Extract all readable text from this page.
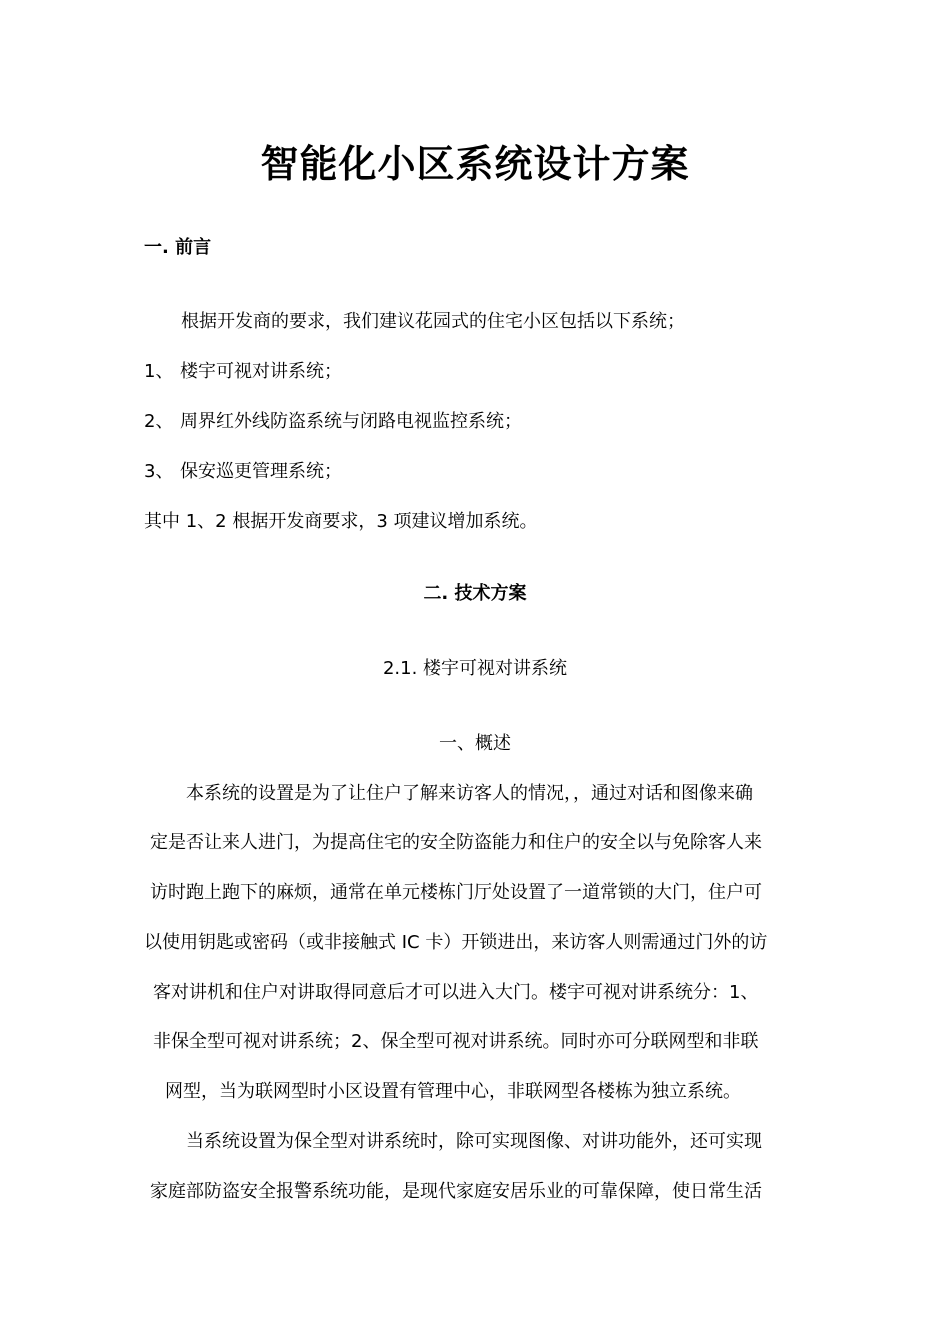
智能化小区系统设计方案
一. 前言
根据开发商的要求，我们建议花园式的住宅小区包括以下系统；
1、 楼宇可视对讲系统；
2、 周界红外线防盗系统与闭路电视监控系统；
3、 保安巡更管理系统；
其中 1、2 根据开发商要求，3 项建议增加系统。
二. 技术方案
2.1. 楼宇可视对讲系统
一、概述
本系统的设置是为了让住户了解来访客人的情况，，通过对话和图像来确
定是否让来人进门，为提高住宅的安全防盗能力和住户的安全以与免除客人来
访时跑上跑下的麻烦，通常在单元楼栋门厅处设置了一道常锁的大门，住户可
以使用钥匙或密码（或非接触式 IC 卡）开锁进出，来访客人则需通过门外的访
客对讲机和住户对讲取得同意后才可以进入大门。楼宇可视对讲系统分：1、
非保全型可视对讲系统；2、保全型可视对讲系统。同时亦可分联网型和非联
网型，当为联网型时小区设置有管理中心，非联网型各楼栋为独立系统。
当系统设置为保全型对讲系统时，除可实现图像、对讲功能外，还可实现
家庭部防盗安全报警系统功能，是现代家庭安居乐业的可靠保障，使日常生活
